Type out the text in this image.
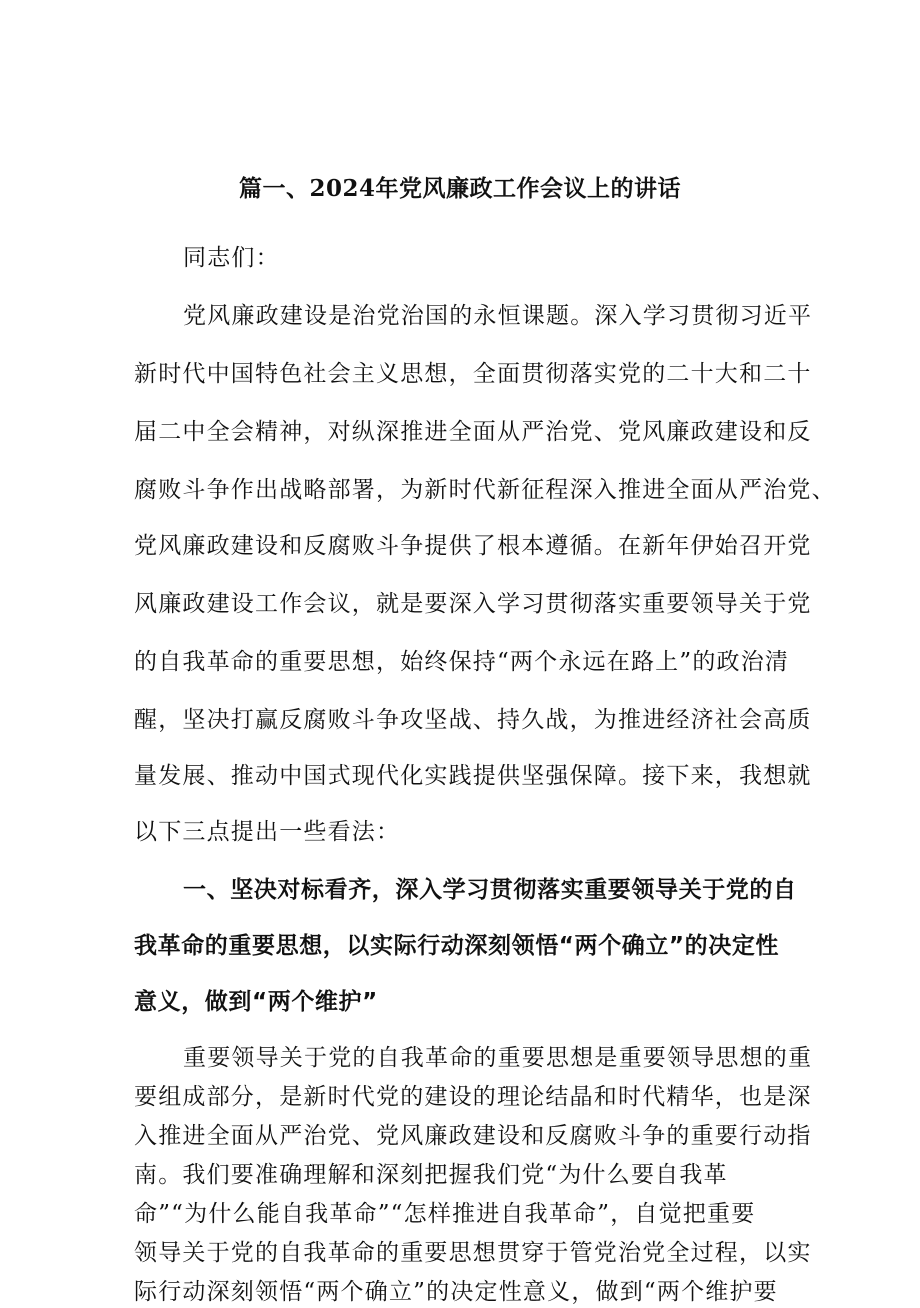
篇一、2024年党风廉政工作会议上的讲话
同志们：
党风廉政建设是治党治国的永恒课题。深入学习贯彻习近平
新时代中国特色社会主义思想，全面贯彻落实党的二十大和二十
届二中全会精神，对纵深推进全面从严治党、党风廉政建设和反
腐败斗争作出战略部署，为新时代新征程深入推进全面从严治党、
党风廉政建设和反腐败斗争提供了根本遵循。在新年伊始召开党
风廉政建设工作会议，就是要深入学习贯彻落实重要领导关于党
的自我革命的重要思想，始终保持“两个永远在路上”的政治清
醒，坚决打赢反腐败斗争攻坚战、持久战，为推进经济社会高质
量发展、推动中国式现代化实践提供坚强保障。接下来，我想就
以下三点提出一些看法：
一、坚决对标看齐，深入学习贯彻落实重要领导关于党的自
我革命的重要思想，以实际行动深刻领悟“两个确立”的决定性
意义，做到“两个维护”
重要领导关于党的自我革命的重要思想是重要领导思想的重
要组成部分，是新时代党的建设的理论结晶和时代精华，也是深
入推进全面从严治党、党风廉政建设和反腐败斗争的重要行动指
南。我们要准确理解和深刻把握我们党“为什么要自我革
命”“为什么能自我革命”“怎样推进自我革命”，自觉把重要
领导关于党的自我革命的重要思想贯穿于管党治党全过程，以实
际行动深刻领悟“两个确立”的决定性意义，做到“两个维护要
